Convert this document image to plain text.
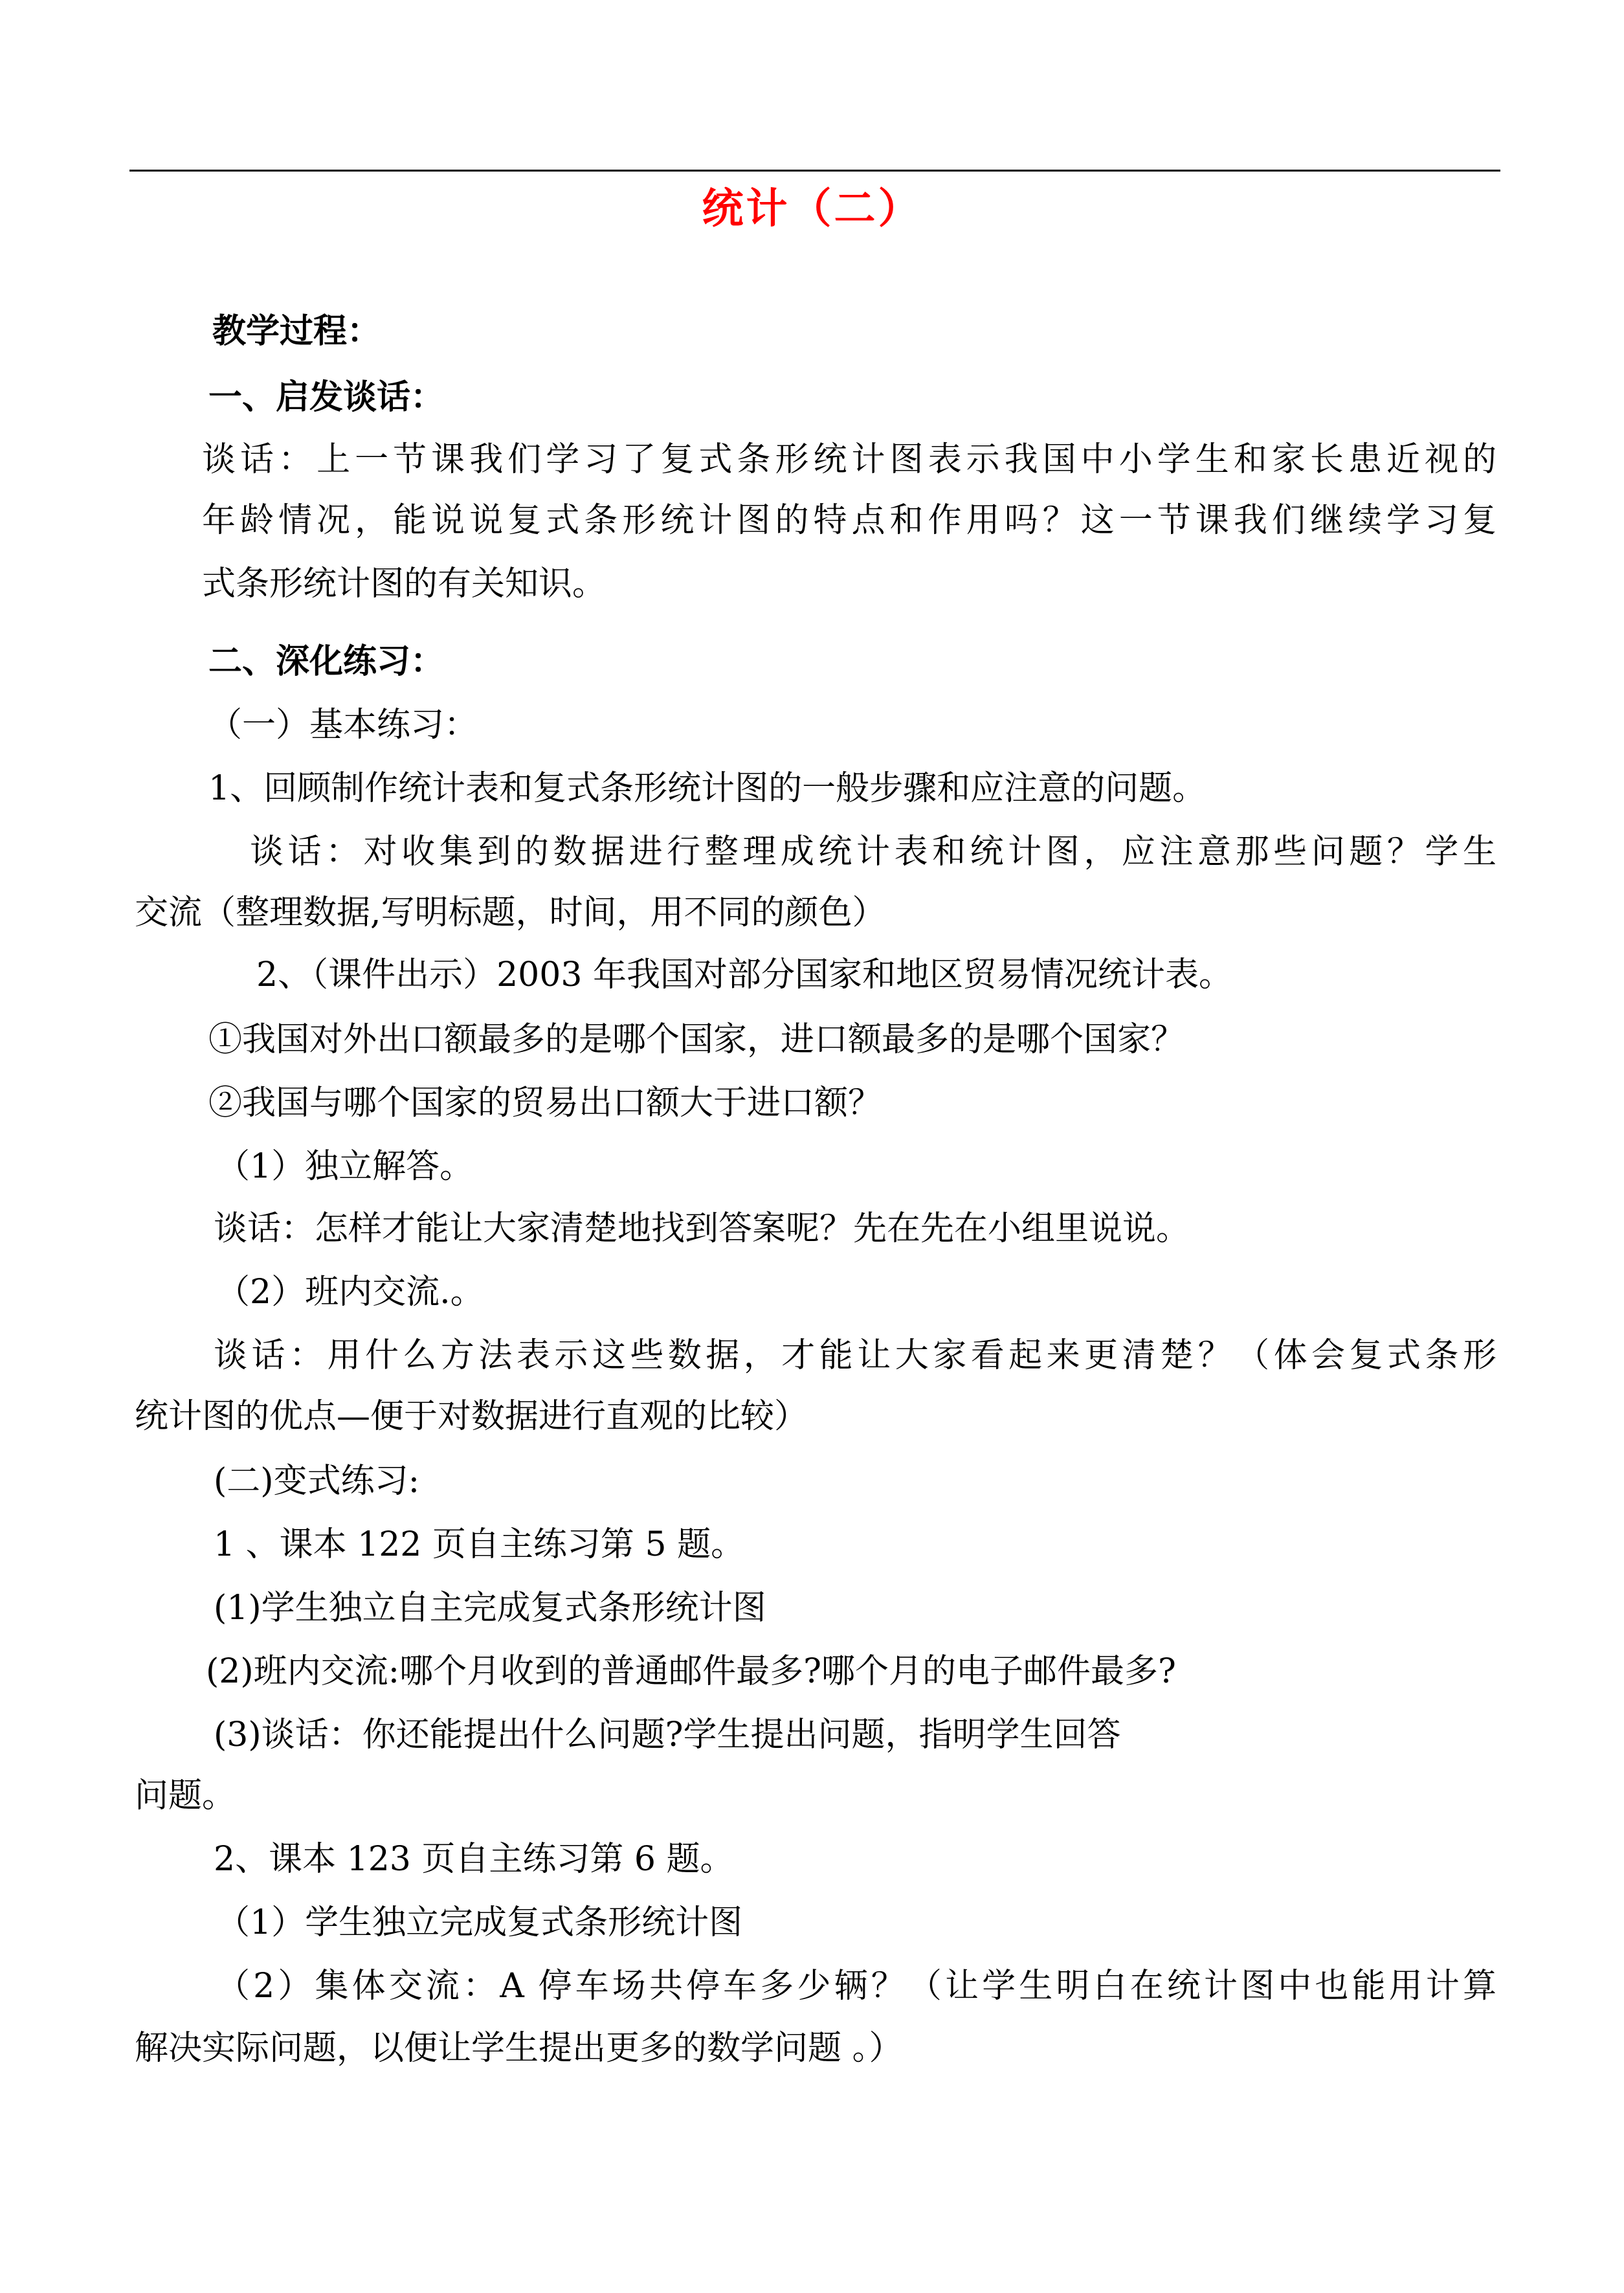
统计（二）
教学过程：
一、启发谈话：
谈话：上一节课我们学习了复式条形统计图表示我国中小学生和家长患近视的
年龄情况，能说说复式条形统计图的特点和作用吗？这一节课我们继续学习复
式条形统计图的有关知识。
二、深化练习：
（一）基本练习：
1、回顾制作统计表和复式条形统计图的一般步骤和应注意的问题。
谈话：对收集到的数据进行整理成统计表和统计图，应注意那些问题？学生
交流（整理数据,写明标题，时间，用不同的颜色）
2、（课件出示）2003 年我国对部分国家和地区贸易情况统计表。
①我国对外出口额最多的是哪个国家，进口额最多的是哪个国家？
②我国与哪个国家的贸易出口额大于进口额？
（1）独立解答。
谈话：怎样才能让大家清楚地找到答案呢？先在先在小组里说说。
（2）班内交流.。
谈话：用什么方法表示这些数据，才能让大家看起来更清楚？（体会复式条形
统计图的优点—便于对数据进行直观的比较）
(二)变式练习:
1 、课本 122 页自主练习第 5 题。
(1)学生独立自主完成复式条形统计图
(2)班内交流:哪个月收到的普通邮件最多?哪个月的电子邮件最多?
(3)谈话：你还能提出什么问题?学生提出问题，指明学生回答
问题。
2、课本 123 页自主练习第 6 题。
（1）学生独立完成复式条形统计图
（2）集体交流：A 停车场共停车多少辆？（让学生明白在统计图中也能用计算
解决实际问题，以便让学生提出更多的数学问题 。）
